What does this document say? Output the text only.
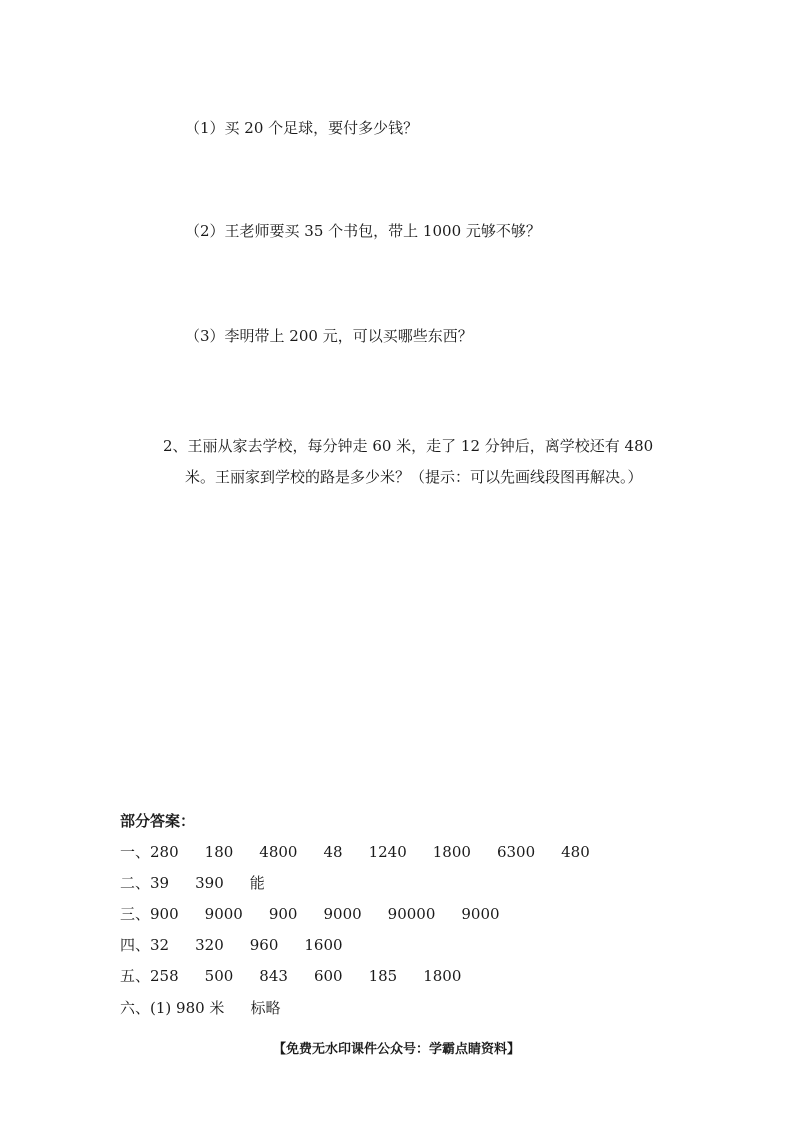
（1）买 20 个足球，要付多少钱？
（2）王老师要买 35 个书包，带上 1000 元够不够？
（3）李明带上 200 元，可以买哪些东西？
2、王丽从家去学校，每分钟走 60 米，走了 12 分钟后，离学校还有 480
米。王丽家到学校的路是多少米？（提示：可以先画线段图再解决。）
部分答案：
一、280 180 4800 48 1240 1800 6300 480
二、39 390 能
三、900 9000 900 9000 90000 9000
四、32 320 960 1600
五、258 500 843 600 185 1800
六、(1) 980 米 标略
【免费无水印课件公众号：学霸点睛资料】
